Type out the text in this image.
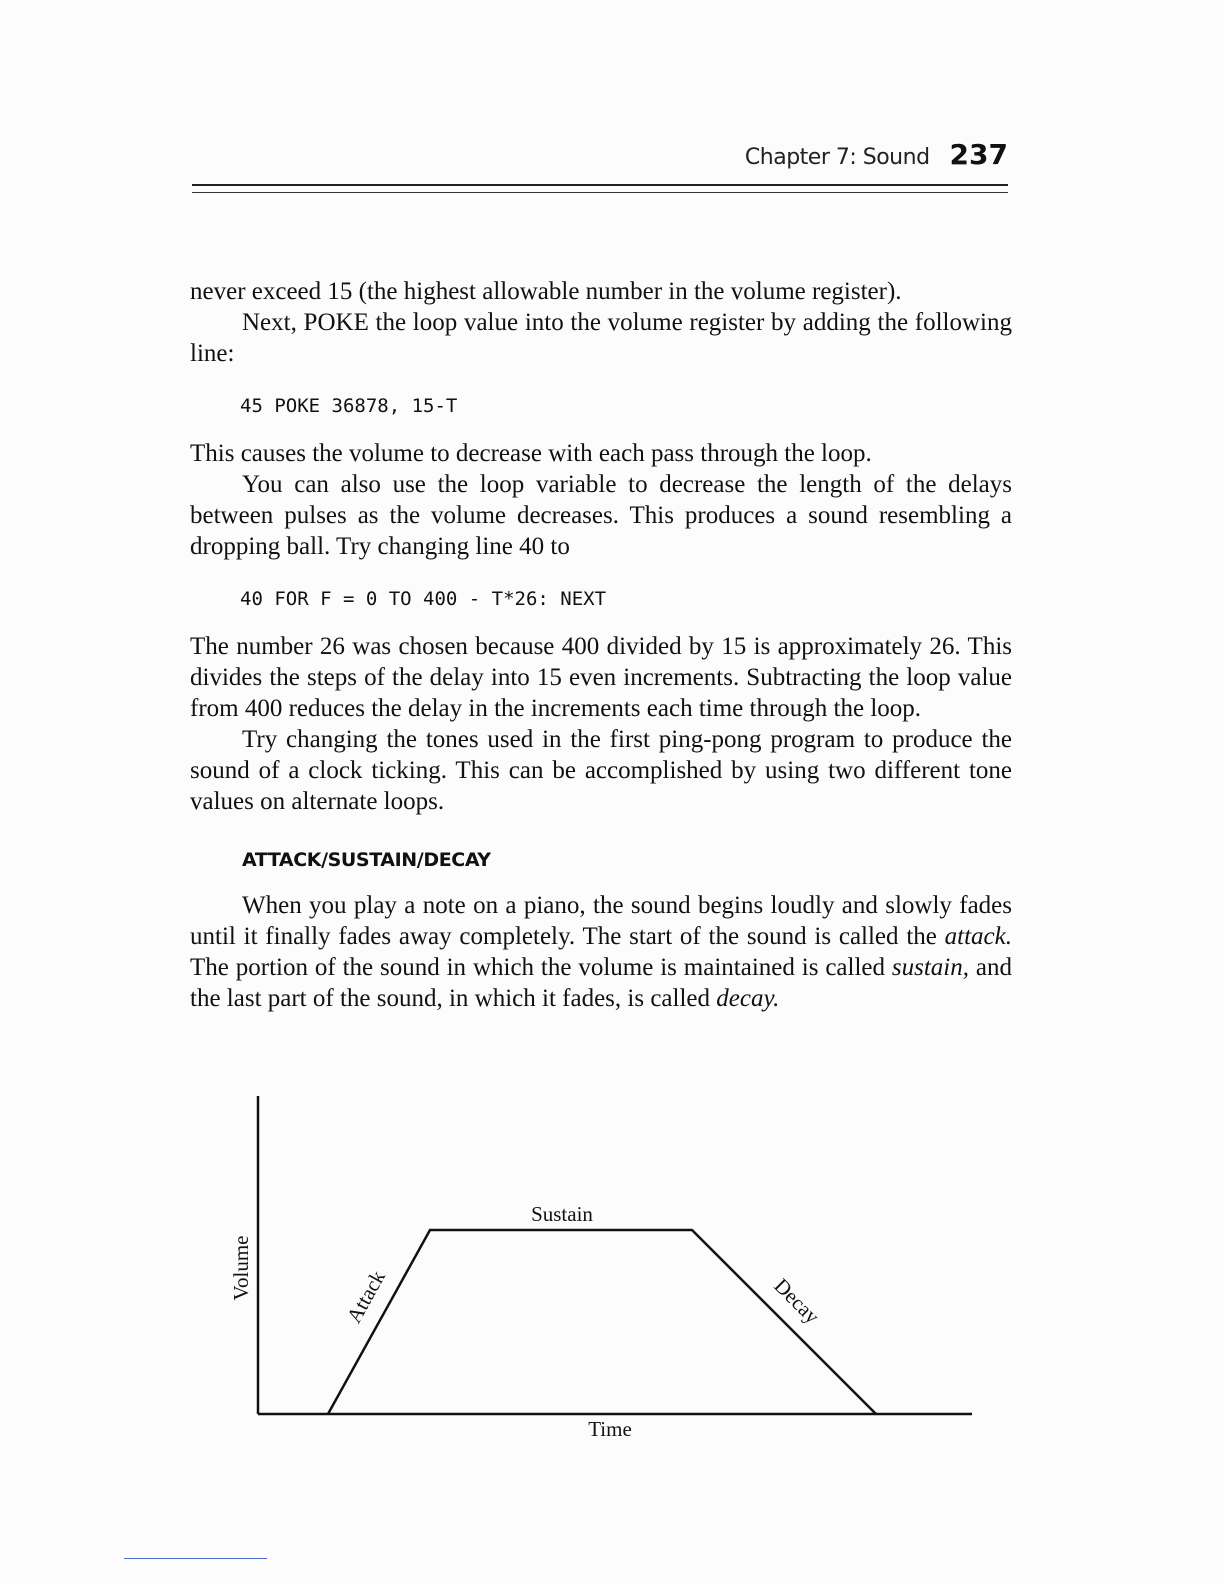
Chapter 7: Sound 237

never exceed 15 (the highest allowable number in the volume register).

Next, POKE the loop value into the volume register by adding the following line:

45 POKE 36878, 15-T

This causes the volume to decrease with each pass through the loop.

You can also use the loop variable to decrease the length of the delays between pulses as the volume decreases. This produces a sound resembling a dropping ball. Try changing line 40 to

40 FOR F = 0 TO 400 - T*26: NEXT

The number 26 was chosen because 400 divided by 15 is approximately 26. This divides the steps of the delay into 15 even increments. Subtracting the loop value from 400 reduces the delay in the increments each time through the loop.

Try changing the tones used in the first ping-pong program to produce the sound of a clock ticking. This can be accomplished by using two different tone values on alternate loops.

ATTACK/SUSTAIN/DECAY

When you play a note on a piano, the sound begins loudly and slowly fades until it finally fades away completely. The start of the sound is called the attack. The portion of the sound in which the volume is maintained is called sustain, and the last part of the sound, in which it fades, is called decay.

Sustain
Attack	Decay
Volume
Time
